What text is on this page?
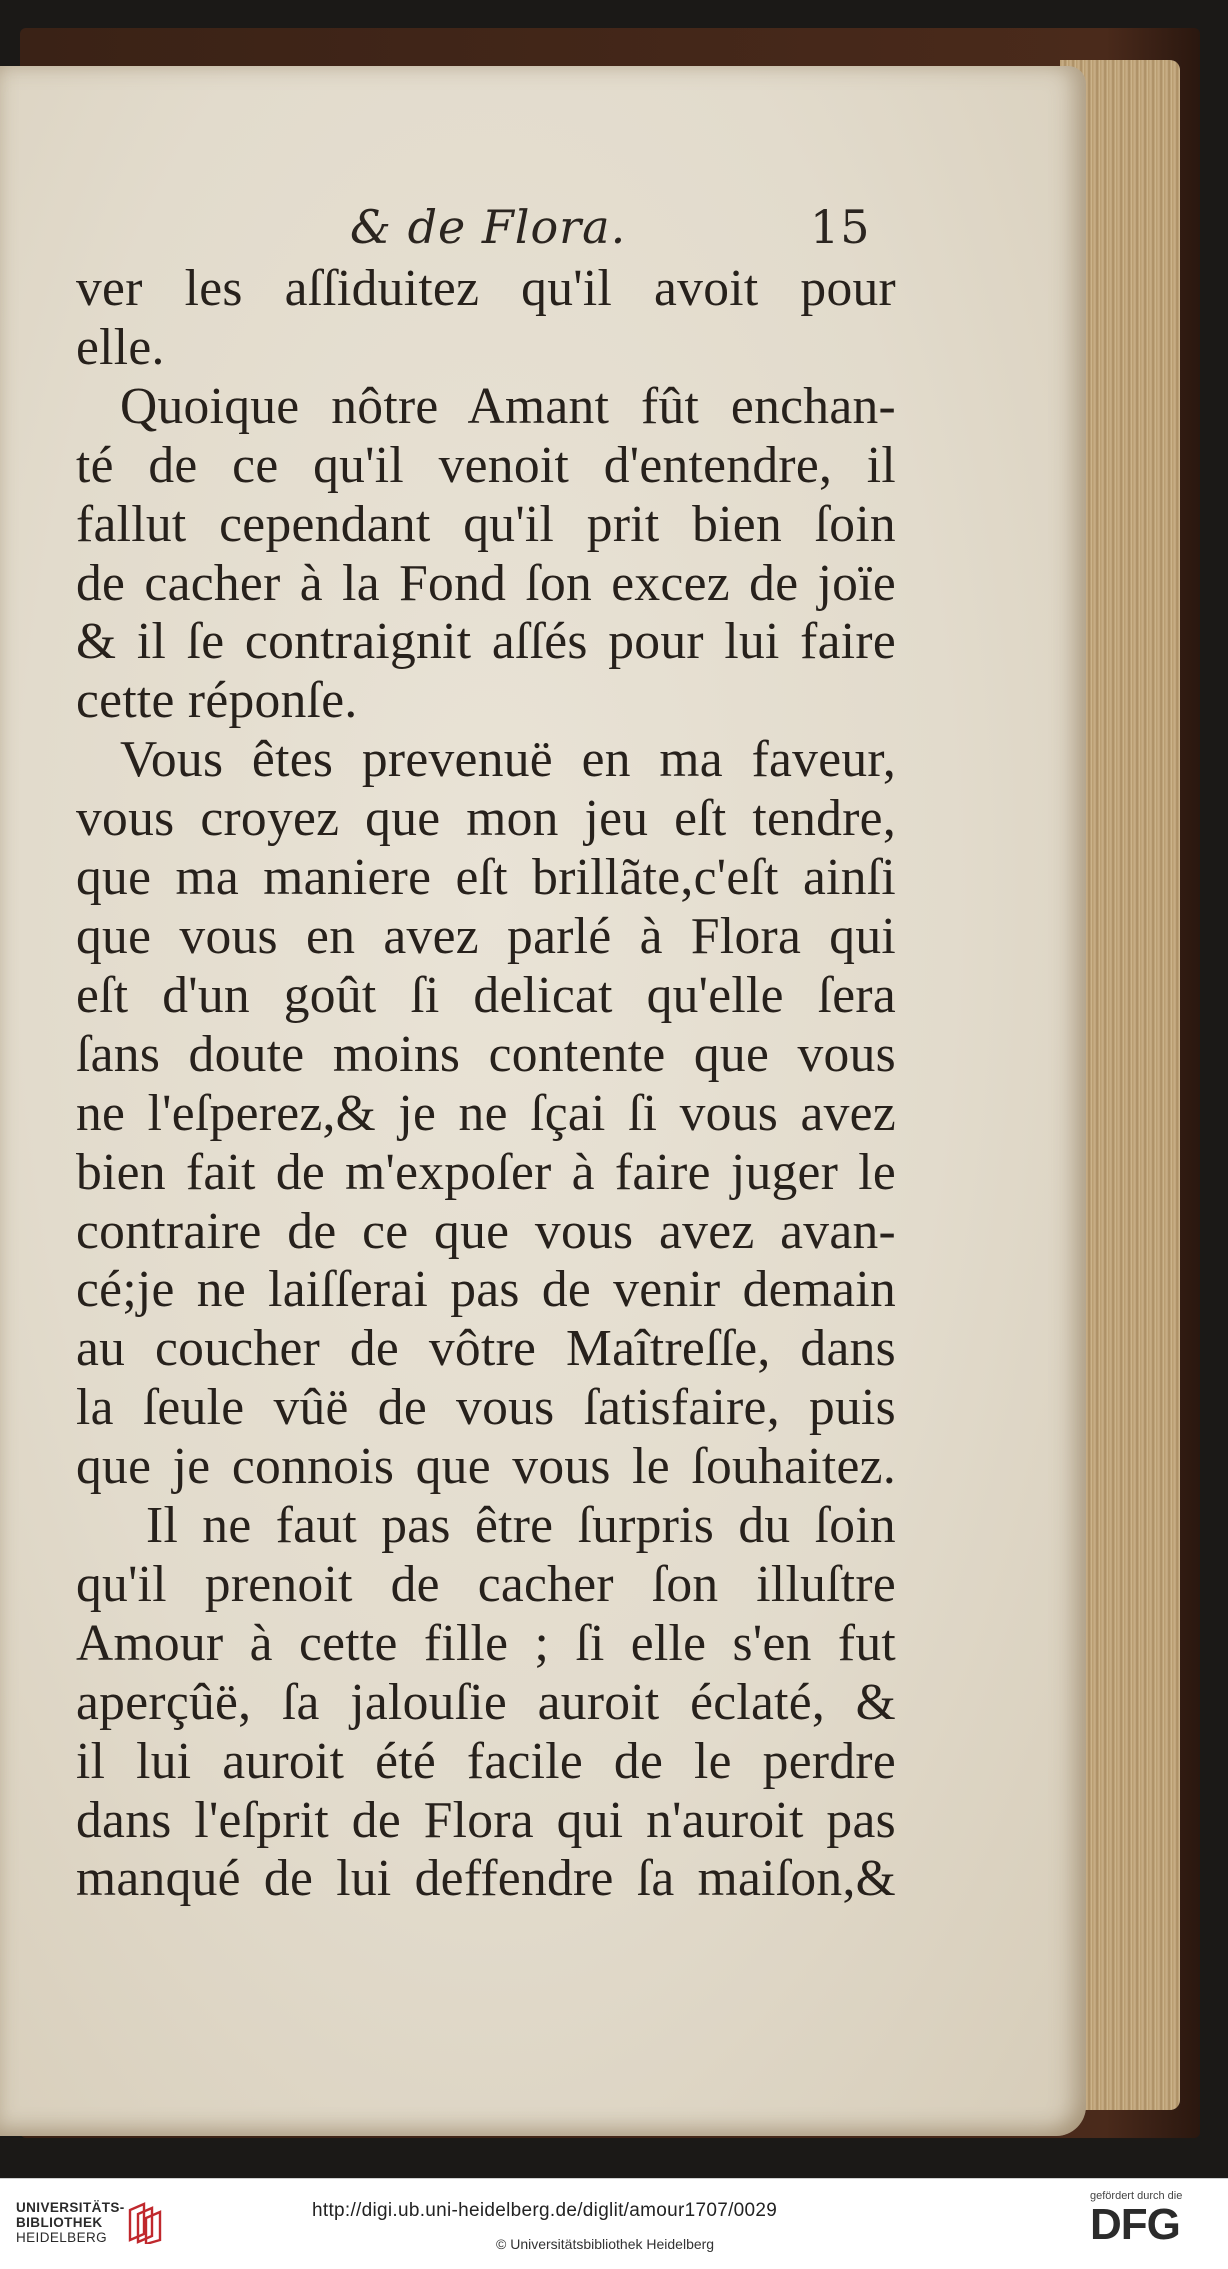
& de Flora.	15
ver les aſſiduitez qu'il avoit pour
elle.
Quoique nôtre Amant fût enchan-
té de ce qu'il venoit d'entendre, il
fallut cependant qu'il prit bien ſoin
de cacher à la Fond ſon excez de joïe
& il ſe contraignit aſſés pour lui faire
cette réponſe.
Vous êtes prevenuë en ma faveur,
vous croyez que mon jeu eſt tendre,
que ma maniere eſt brillãte,c'eſt ainſi
que vous en avez parlé à Flora qui
eſt d'un goût ſi delicat qu'elle ſera
ſans doute moins contente que vous
ne l'eſperez,& je ne ſçai ſi vous avez
bien fait de m'expoſer à faire juger le
contraire de ce que vous avez avan-
cé;je ne laiſſerai pas de venir demain
au coucher de vôtre Maîtreſſe, dans
la ſeule vûë de vous ſatisfaire, puis
que je connois que vous le ſouhaitez.
Il ne faut pas être ſurpris du ſoin
qu'il prenoit de cacher ſon illuſtre
Amour à cette fille ; ſi elle s'en fut
aperçûë, ſa jalouſie auroit éclaté, &
il lui auroit été facile de le perdre
dans l'eſprit de Flora qui n'auroit pas
manqué de lui deffendre ſa maiſon,&
UNIVERSITÄTS-
BIBLIOTHEK
HEIDELBERG
http://digi.ub.uni-heidelberg.de/diglit/amour1707/0029
© Universitätsbibliothek Heidelberg
gefördert durch die
DFG
